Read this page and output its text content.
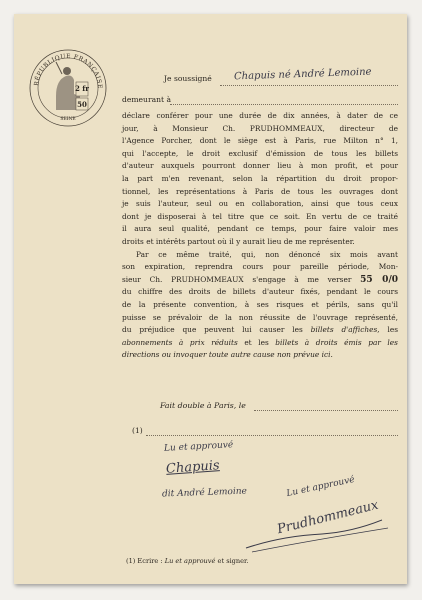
RÉPUBLIQUE FRANÇAISE
2 fr
50
SEINE
Je soussigné Chapuis né André Lemoine
demeurant à

déclare conférer pour une durée de dix années, à dater de ce
jour, à Monsieur Ch. PRUDHOMMEAUX, directeur de
l'Agence Porcher, dont le siège est à Paris, rue Milton n° 1,
qui l'accepte, le droit exclusif d'émission de tous les billets
d'auteur auxquels pourront donner lieu à mon profit, et pour
la part m'en revenant, selon la répartition du droit propor-
tionnel, les représentations à Paris de tous les ouvrages dont
je suis l'auteur, seul ou en collaboration, ainsi que tous ceux
dont je disposerai à tel titre que ce soit. En vertu de ce traité
il aura seul qualité, pendant ce temps, pour faire valoir mes
droits et intérêts partout où il y aurait lieu de me représenter.

Par ce même traité, qui, non dénoncé six mois avant
son expiration, reprendra cours pour pareille période, Mon-
sieur Ch. PRUDHOMMEAUX s'engage à me verser 55 0/0
du chiffre des droits de billets d'auteur fixés, pendant le cours
de la présente convention, à ses risques et périls, sans qu'il
puisse se prévaloir de la non réussite de l'ouvrage représenté,
du préjudice que peuvent lui causer les billets d'affiches, les
abonnements à prix réduits et les billets à droits émis par les
directions ou invoquer toute autre cause non prévue ici.

Fait double à Paris, le
(1)
Lu et approuvé
Chapuis
dit André Lemoine	Lu et approuvé
Prudhommeaux
(1) Ecrire : Lu et approuvé et signer.
